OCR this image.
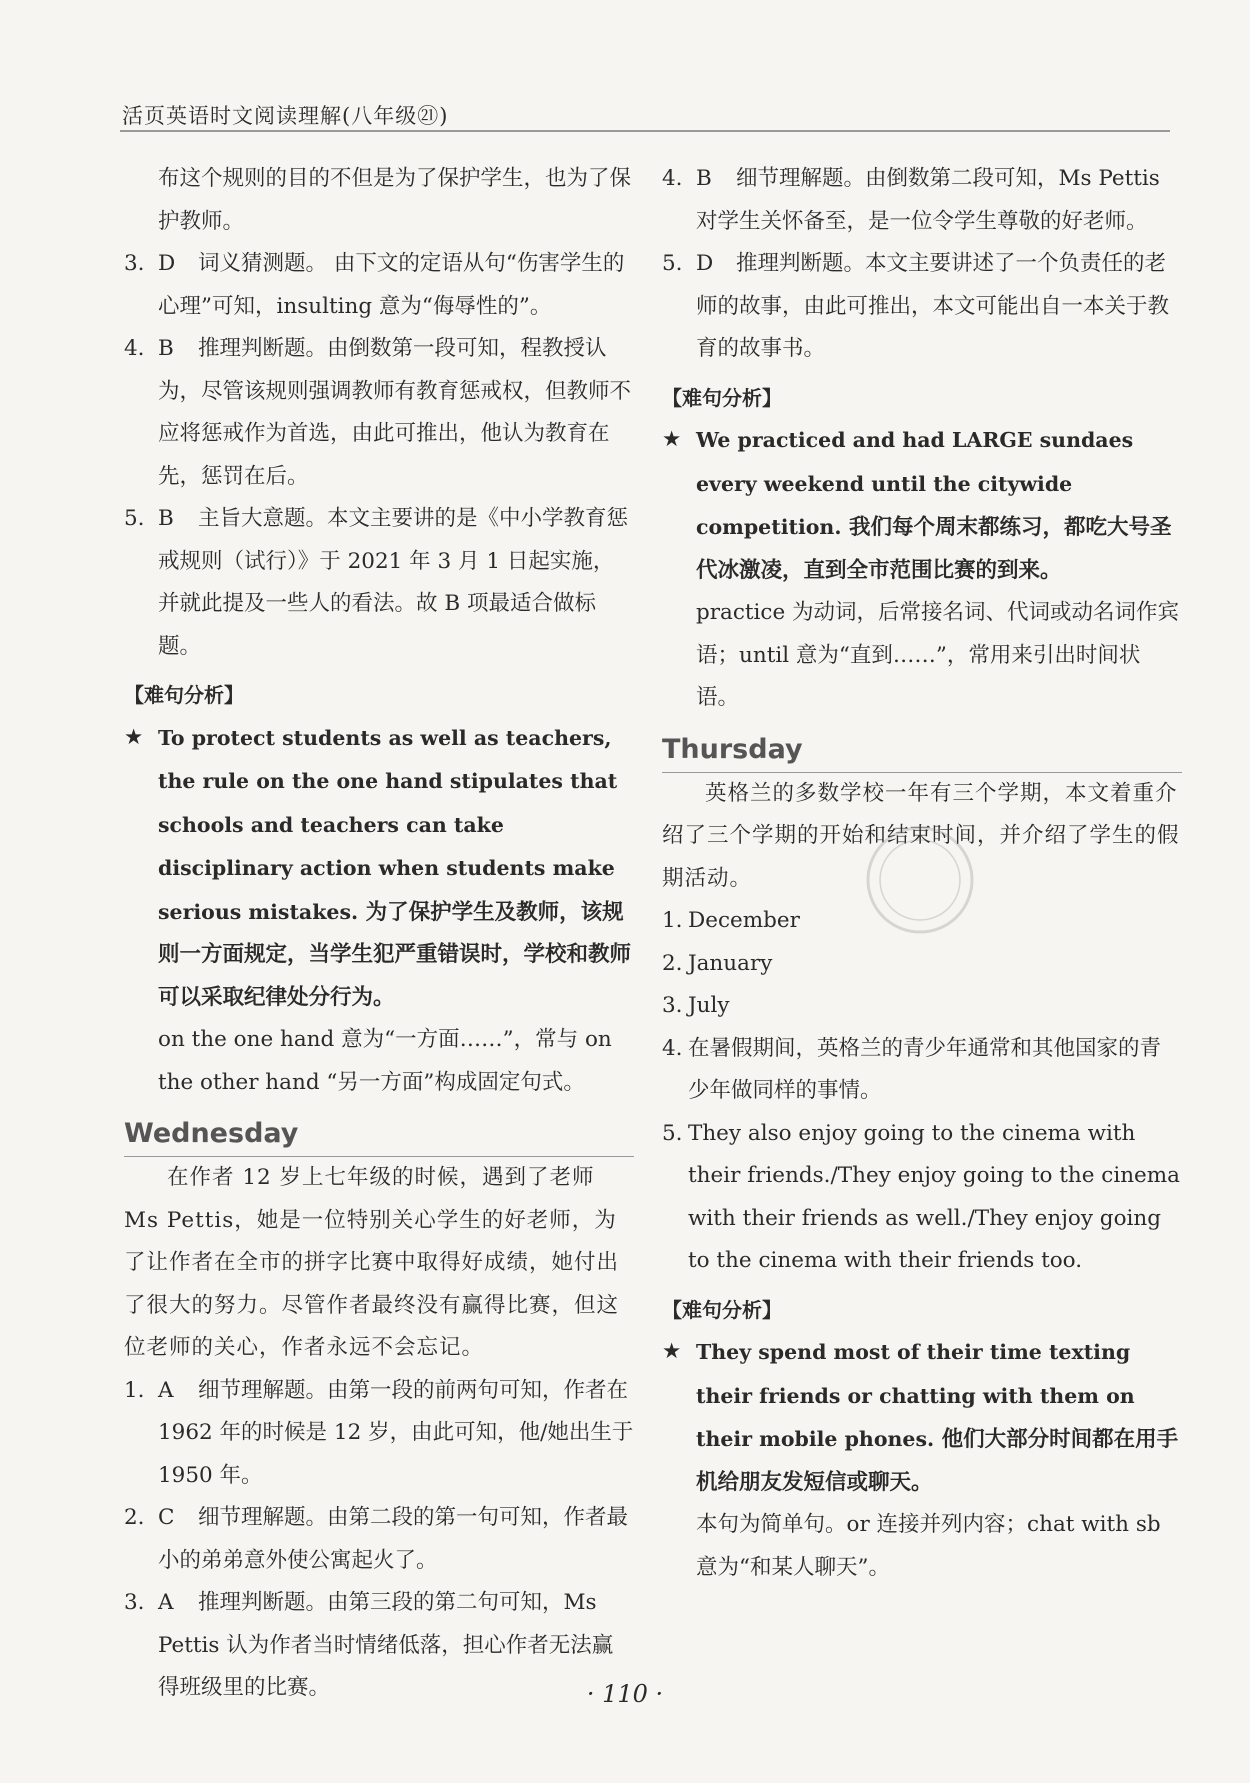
活页英语时文阅读理解(八年级㉑)

布这个规则的目的不但是为了保护学生，也为了保护教师。

3. D 词义猜测题。 由下文的定语从句“伤害学生的心理”可知，insulting 意为“侮辱性的”。
4. B 推理判断题。由倒数第一段可知，程教授认为，尽管该规则强调教师有教育惩戒权，但教师不应将惩戒作为首选，由此可推出，他认为教育在先，惩罚在后。
5. B 主旨大意题。本文主要讲的是《中小学教育惩戒规则（试行）》于 2021 年 3 月 1 日起实施，并就此提及一些人的看法。故 B 项最适合做标题。
【难句分析】
★ To protect students as well as teachers, the rule on the one hand stipulates that schools and teachers can take disciplinary action when students make serious mistakes. 为了保护学生及教师，该规则一方面规定，当学生犯严重错误时，学校和教师可以采取纪律处分行为。

on the one hand 意为“一方面……”，常与 on the other hand “另一方面”构成固定句式。

Wednesday

在作者 12 岁上七年级的时候，遇到了老师 Ms Pettis，她是一位特别关心学生的好老师，为了让作者在全市的拼字比赛中取得好成绩，她付出了很大的努力。尽管作者最终没有赢得比赛，但这位老师的关心，作者永远不会忘记。

1. A 细节理解题。由第一段的前两句可知，作者在 1962 年的时候是 12 岁，由此可知，他/她出生于 1950 年。
2. C 细节理解题。由第二段的第一句可知，作者最小的弟弟意外使公寓起火了。
3. A 推理判断题。由第三段的第二句可知，Ms Pettis 认为作者当时情绪低落，担心作者无法赢得班级里的比赛。
4. B 细节理解题。由倒数第二段可知，Ms Pettis 对学生关怀备至，是一位令学生尊敬的好老师。
5. D 推理判断题。本文主要讲述了一个负责任的老师的故事，由此可推出，本文可能出自一本关于教育的故事书。
【难句分析】
★ We practiced and had LARGE sundaes every weekend until the citywide competition. 我们每个周末都练习，都吃大号圣代冰激凌，直到全市范围比赛的到来。

practice 为动词，后常接名词、代词或动名词作宾语；until 意为“直到……”，常用来引出时间状语。

Thursday

英格兰的多数学校一年有三个学期，本文着重介绍了三个学期的开始和结束时间，并介绍了学生的假期活动。

1. December
2. January
3. July
4. 在暑假期间，英格兰的青少年通常和其他国家的青少年做同样的事情。
5. They also enjoy going to the cinema with their friends./They enjoy going to the cinema with their friends as well./They enjoy going to the cinema with their friends too.
【难句分析】
★ They spend most of their time texting their friends or chatting with them on their mobile phones. 他们大部分时间都在用手机给朋友发短信或聊天。

本句为简单句。or 连接并列内容；chat with sb 意为“和某人聊天”。

· 110 ·
